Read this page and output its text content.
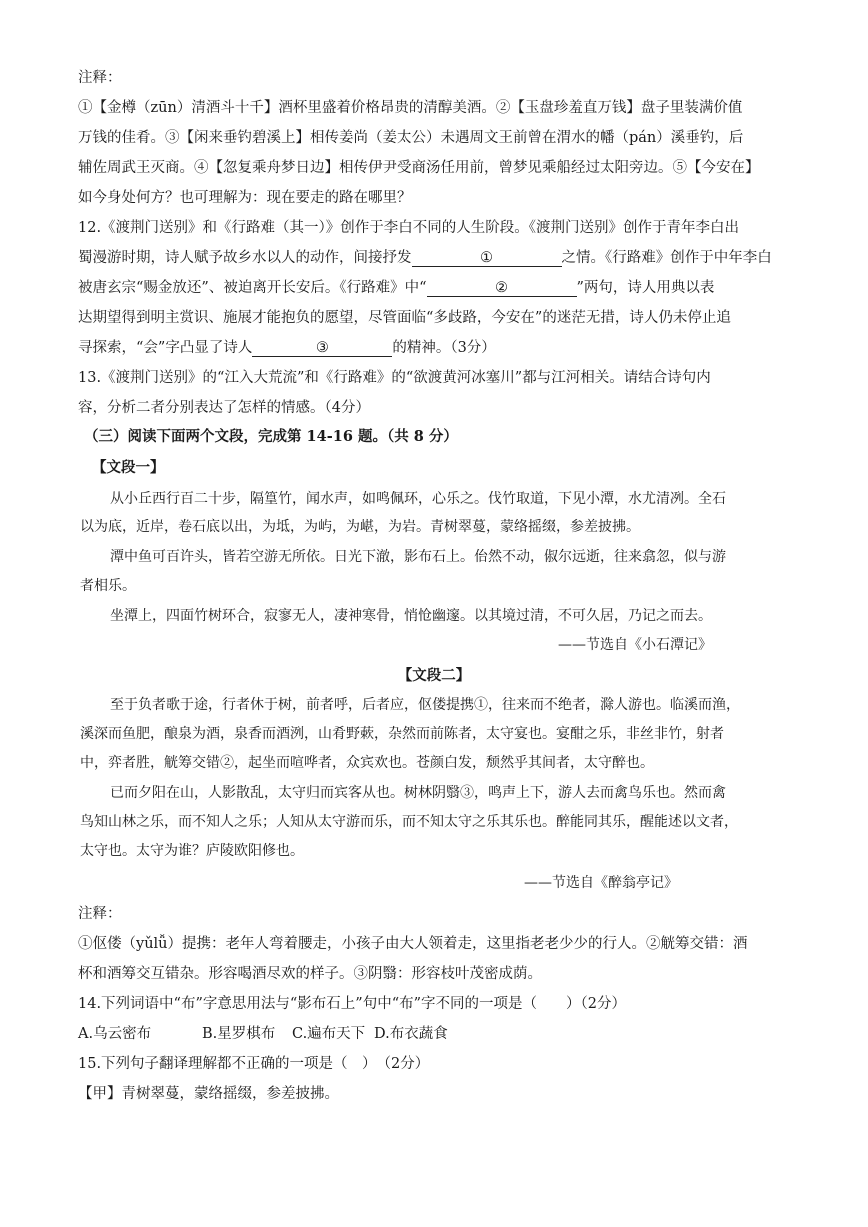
注释：
①【金樽（zūn）清酒斗十千】酒杯里盛着价格昂贵的清醇美酒。②【玉盘珍羞直万钱】盘子里装满价值
万钱的佳肴。③【闲来垂钓碧溪上】相传姜尚（姜太公）未遇周文王前曾在渭水的幡（pán）溪垂钓，后
辅佐周武王灭商。④【忽复乘舟梦日边】相传伊尹受商汤任用前，曾梦见乘船经过太阳旁边。⑤【今安在】
如今身处何方？也可理解为：现在要走的路在哪里？
12.《渡荆门送别》和《行路难（其一）》创作于李白不同的人生阶段。《渡荆门送别》创作于青年李白出
蜀漫游时期，诗人赋予故乡水以人的动作，间接抒发	①	之情。《行路难》创作于中年李白
被唐玄宗“赐金放还”、被迫离开长安后。《行路难》中“	②	”两句，诗人用典以表
达期望得到明主赏识、施展才能抱负的愿望，尽管面临“多歧路，今安在”的迷茫无措，诗人仍未停止追
寻探索，“会”字凸显了诗人	③	的精神。（3分）
13.《渡荆门送别》的“江入大荒流”和《行路难》的“欲渡黄河冰塞川”都与江河相关。请结合诗句内
容，分析二者分别表达了怎样的情感。（4分）
（三）阅读下面两个文段，完成第 14-16 题。（共 8 分）
【文段一】
从小丘西行百二十步，隔篁竹，闻水声，如鸣佩环，心乐之。伐竹取道，下见小潭，水尤清冽。全石
以为底，近岸，卷石底以出，为坻，为屿，为嵁，为岩。青树翠蔓，蒙络摇缀，参差披拂。
潭中鱼可百许头，皆若空游无所依。日光下澈，影布石上。佁然不动，俶尔远逝，往来翕忽，似与游
者相乐。
坐潭上，四面竹树环合，寂寥无人，凄神寒骨，悄怆幽邃。以其境过清，不可久居，乃记之而去。
——节选自《小石潭记》
【文段二】
至于负者歌于途，行者休于树，前者呼，后者应，伛偻提携①，往来而不绝者，滁人游也。临溪而渔，
溪深而鱼肥，酿泉为酒，泉香而酒洌，山肴野蔌，杂然而前陈者，太守宴也。宴酣之乐，非丝非竹，射者
中，弈者胜，觥筹交错②，起坐而喧哗者，众宾欢也。苍颜白发，颓然乎其间者，太守醉也。
已而夕阳在山，人影散乱，太守归而宾客从也。树林阴翳③，鸣声上下，游人去而禽鸟乐也。然而禽
鸟知山林之乐，而不知人之乐；人知从太守游而乐，而不知太守之乐其乐也。醉能同其乐，醒能述以文者，
太守也。太守为谁？庐陵欧阳修也。
——节选自《醉翁亭记》
注释：
①伛偻（yǔlǚ）提携：老年人弯着腰走，小孩子由大人领着走，这里指老老少少的行人。②觥筹交错：酒
杯和酒筹交互错杂。形容喝酒尽欢的样子。③阴翳：形容枝叶茂密成荫。
14.下列词语中“布”字意思用法与“影布石上”句中“布”字不同的一项是（　　）（2分）
A.乌云密布	B.星罗棋布 C.遍布天下 D.布衣蔬食
15.下列句子翻译理解都不正确的一项是（　）　（2分）
【甲】青树翠蔓，蒙络摇缀，参差披拂。
